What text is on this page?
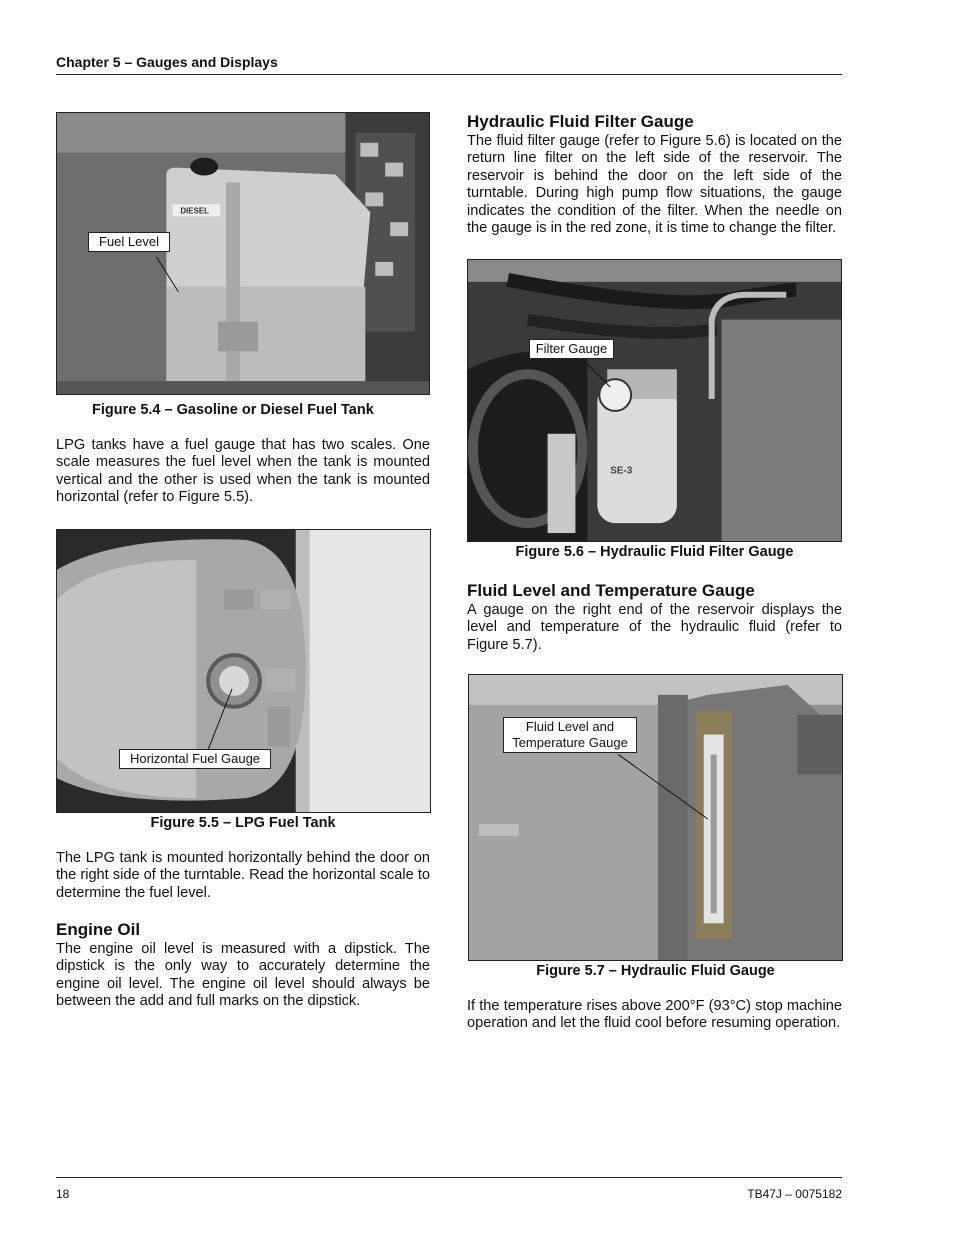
Chapter 5 – Gauges and Displays
DIESEL
Fuel Level
Figure 5.4 – Gasoline or Diesel Fuel Tank

LPG tanks have a fuel gauge that has two scales. One scale measures the fuel level when the tank is mounted vertical and the other is used when the tank is mounted horizontal (refer to Figure 5.5).

Horizontal Fuel Gauge
Figure 5.5 – LPG Fuel Tank

The LPG tank is mounted horizontally behind the door on the right side of the turntable. Read the horizontal scale to determine the fuel level.

Engine Oil

The engine oil level is measured with a dipstick. The dipstick is the only way to accurately determine the engine oil level. The engine oil level should always be between the add and full marks on the dipstick.

Hydraulic Fluid Filter Gauge

The fluid filter gauge (refer to Figure 5.6) is located on the return line filter on the left side of the reservoir. The reservoir is behind the door on the left side of the turntable. During high pump flow situations, the gauge indicates the condition of the filter. When the needle on the gauge is in the red zone, it is time to change the filter.

SE-3
Filter Gauge
Figure 5.6 – Hydraulic Fluid Filter Gauge
Fluid Level and Temperature Gauge

A gauge on the right end of the reservoir displays the level and temperature of the hydraulic fluid (refer to Figure 5.7).

Fluid Level and
Temperature Gauge
Figure 5.7 – Hydraulic Fluid Gauge

If the temperature rises above 200°F (93°C) stop machine operation and let the fluid cool before resuming operation.

18	TB47J – 0075182
